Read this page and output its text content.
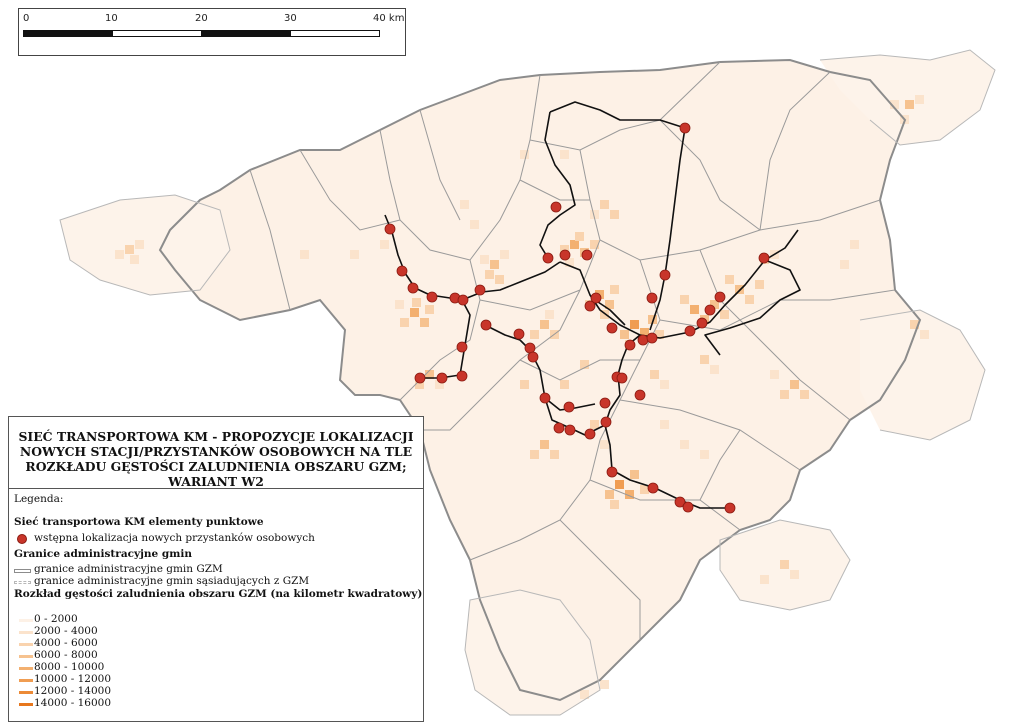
0	10	20	30	40 km
SIEĆ TRANSPORTOWA KM - PROPOZYCJE LOKALIZACJI NOWYCH STACJI/PRZYSTANKÓW OSOBOWYCH NA TLE ROZKŁADU GĘSTOŚCI ZALUDNIENIA OBSZARU GZM; WARIANT W2
Legenda:
Sieć transportowa KM elementy punktowe
wstępna lokalizacja nowych przystanków osobowych
Granice administracyjne gmin
granice administracyjne gmin GZM
granice administracyjne gmin sąsiadujących z GZM
Rozkład gęstości zaludnienia obszaru GZM (na kilometr kwadratowy)
0 - 2000
2000 - 4000
4000 - 6000
6000 - 8000
8000 - 10000
10000 - 12000
12000 - 14000
14000 - 16000
